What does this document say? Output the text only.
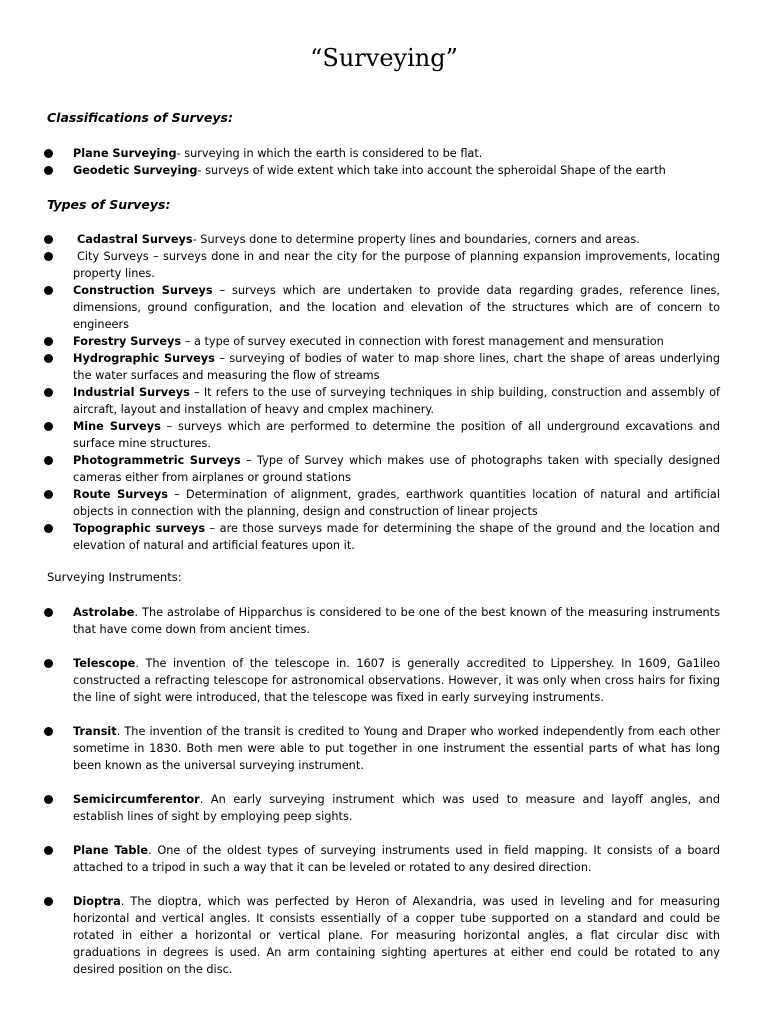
“Surveying”
Classifications of Surveys:
Plane Surveying- surveying in which the earth is considered to be flat.
Geodetic Surveying- surveys of wide extent which take into account the spheroidal Shape of the earth
Types of Surveys:
Cadastral Surveys- Surveys done to determine property lines and boundaries, corners and areas.
City Surveys – surveys done in and near the city for the purpose of planning expansion improvements, locating property lines.
Construction Surveys – surveys which are undertaken to provide data regarding grades, reference lines, dimensions, ground configuration, and the location and elevation of the structures which are of concern to engineers
Forestry Surveys – a type of survey executed in connection with forest management and mensuration
Hydrographic Surveys – surveying of bodies of water to map shore lines, chart the shape of areas underlying the water surfaces and measuring the flow of streams
Industrial Surveys – It refers to the use of surveying techniques in ship building, construction and assembly of aircraft, layout and installation of heavy and cmplex machinery.
Mine Surveys – surveys which are performed to determine the position of all underground excavations and surface mine structures.
Photogrammetric Surveys – Type of Survey which makes use of photographs taken with specially designed cameras either from airplanes or ground stations
Route Surveys – Determination of alignment, grades, earthwork quantities location of natural and artificial objects in connection with the planning, design and construction of linear projects
Topographic surveys – are those surveys made for determining the shape of the ground and the location and elevation of natural and artificial features upon it.
Surveying Instruments:
Astrolabe. The astrolabe of Hipparchus is considered to be one of the best known of the measuring instruments that have come down from ancient times.
Telescope. The invention of the telescope in. 1607 is generally accredited to Lippershey. In 1609, Ga1ileo constructed a refracting telescope for astronomical observations. However, it was only when cross hairs for fixing the line of sight were introduced, that the telescope was fixed in early surveying instruments.
Transit. The invention of the transit is credited to Young and Draper who worked independently from each other sometime in 1830. Both men were able to put together in one instrument the essential parts of what has long been known as the universal surveying instrument.
Semicircumferentor. An early surveying instrument which was used to measure and layoff angles, and establish lines of sight by employing peep sights.
Plane Table. One of the oldest types of surveying instruments used in field mapping. It consists of a board attached to a tripod in such a way that it can be leveled or rotated to any desired direction.
Dioptra. The dioptra, which was perfected by Heron of Alexandria, was used in leveling and for measuring horizontal and vertical angles. It consists essentially of a copper tube supported on a standard and could be rotated in either a horizontal or vertical plane. For measuring horizontal angles, a flat circular disc with graduations in degrees is used. An arm containing sighting apertures at either end could be rotated to any desired position on the disc.
